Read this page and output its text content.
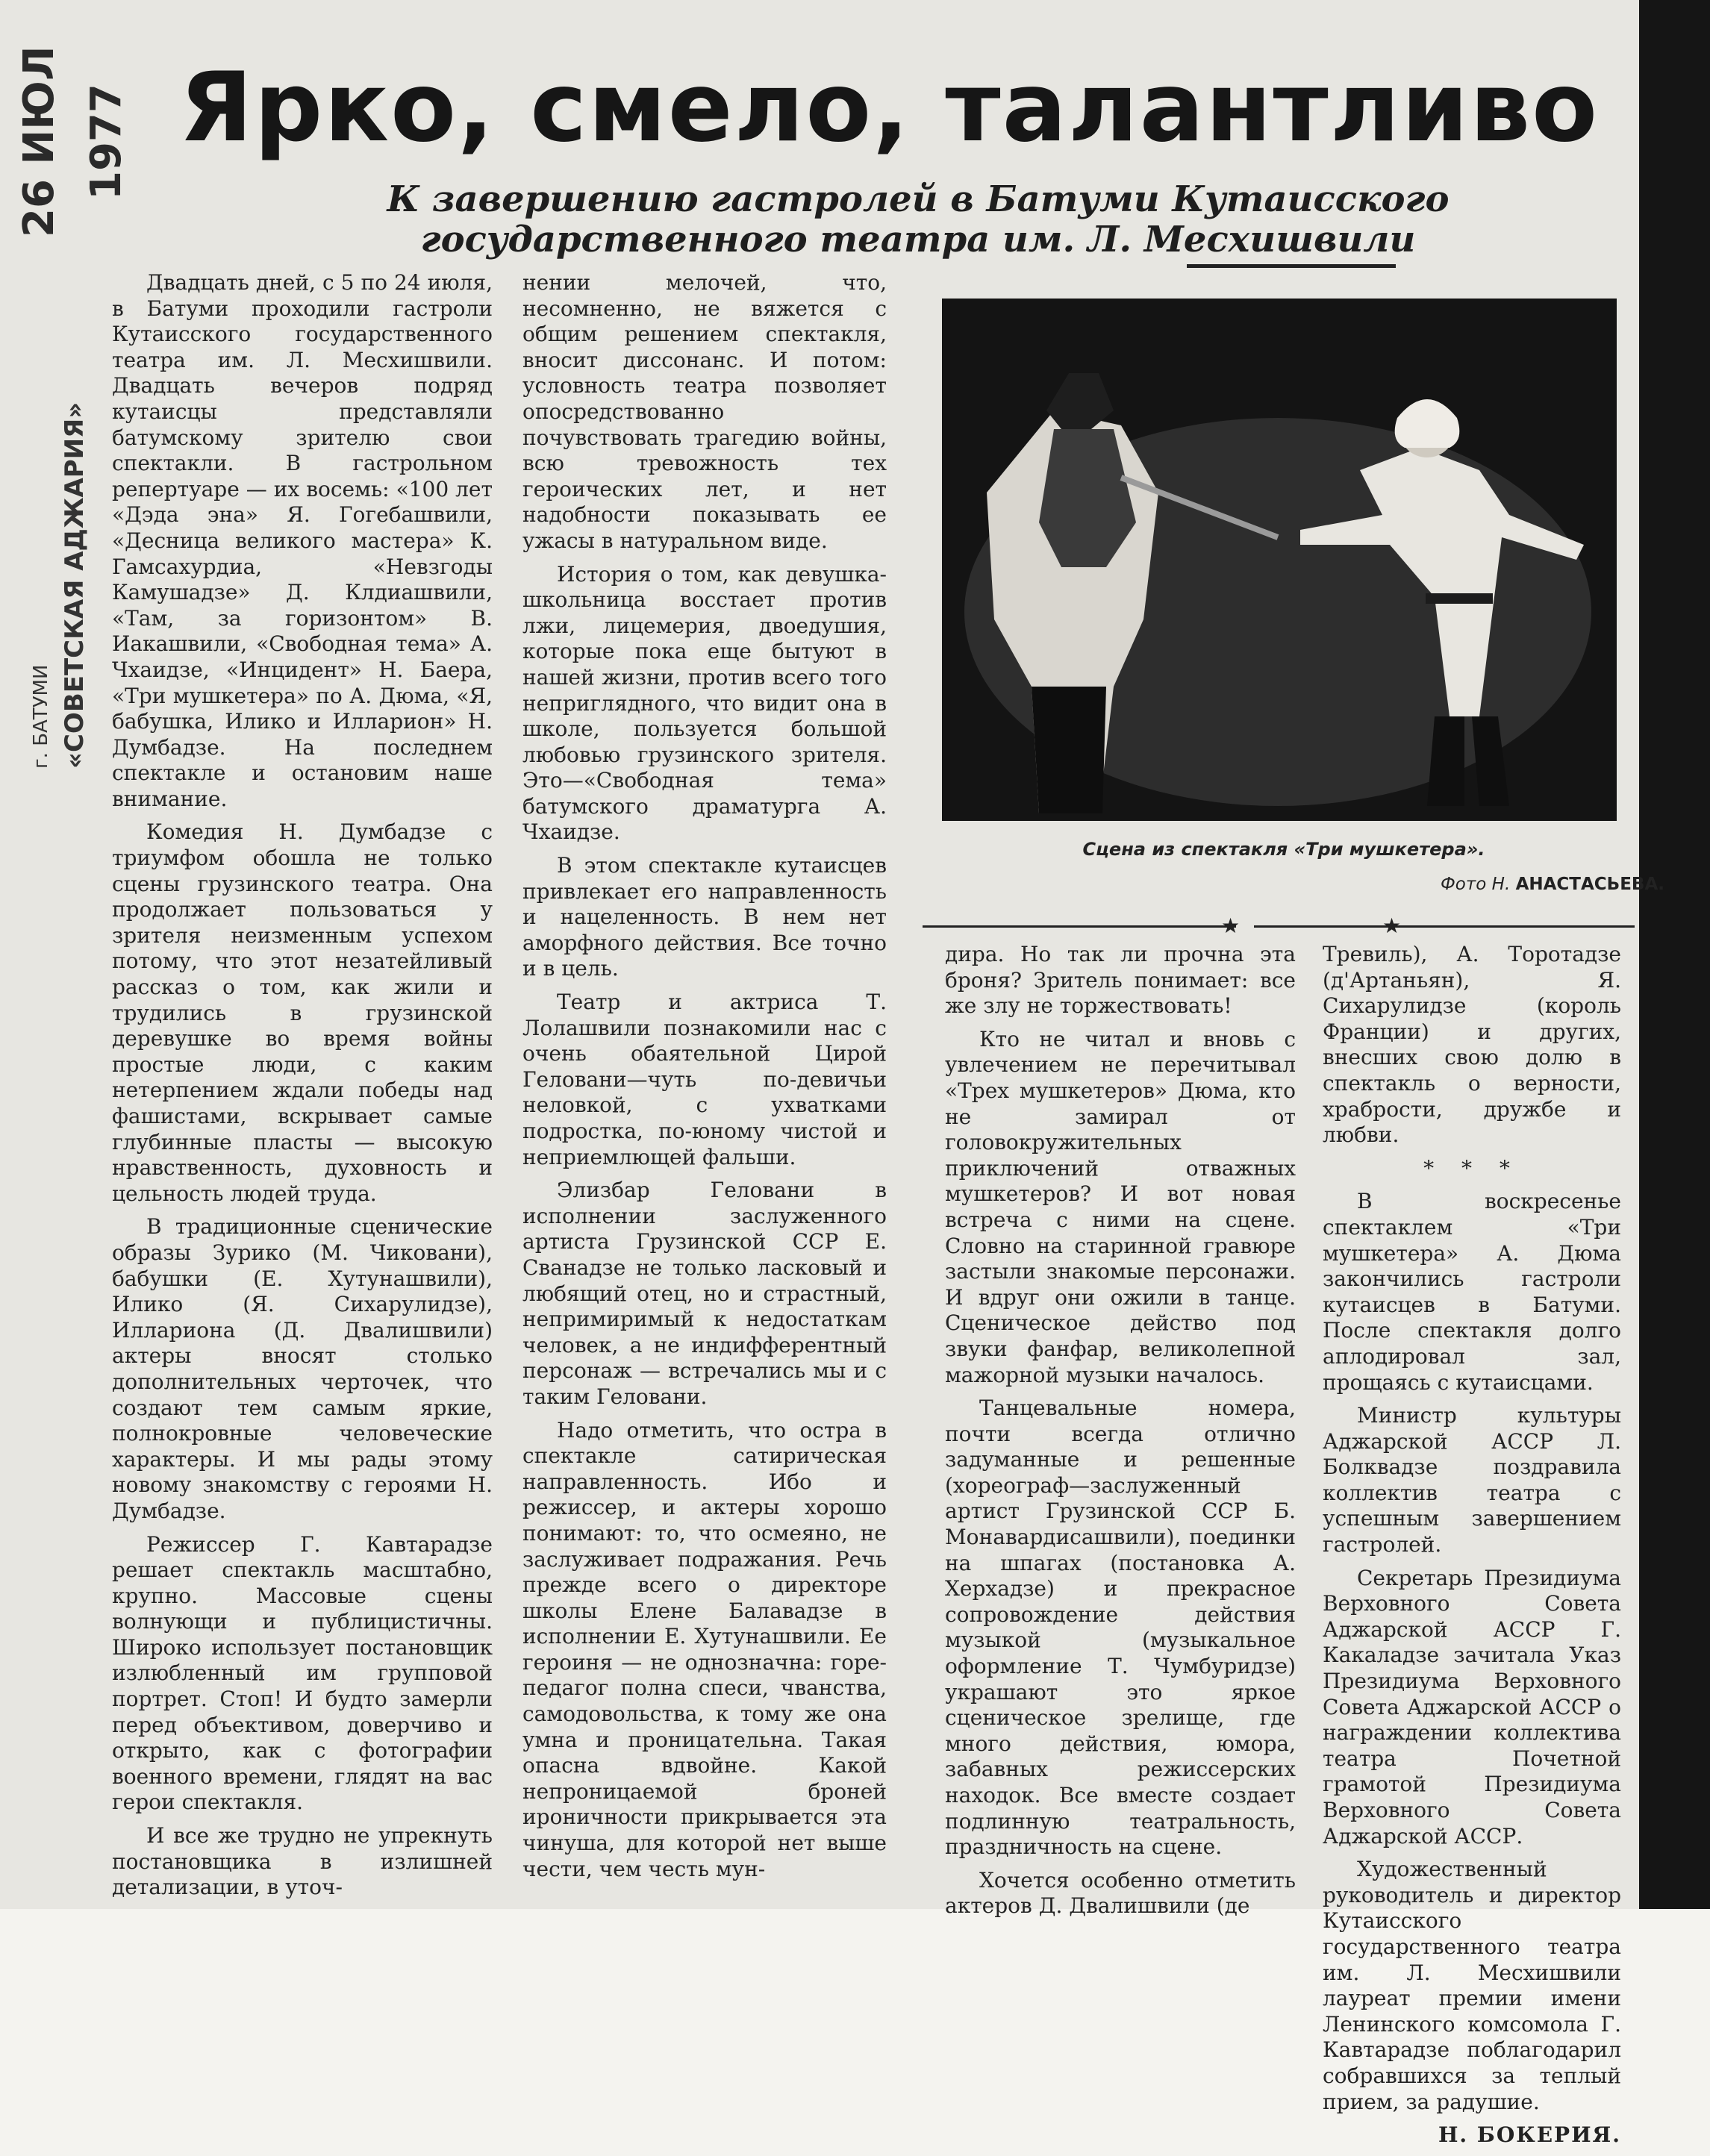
26 ИЮЛ 1977
«СОВЕТСКАЯ АДЖАРИЯ»
г. БАТУМИ
Ярко, смело, талантливо
К завершению гастролей в Батуми Кутаисского государственного театра им. Л. Месхишвили

Двадцать дней, с 5 по 24 июля, в Батуми проходили гастроли Кутаисского государственного театра им. Л. Месхишвили. Двадцать вечеров подряд кутаисцы представляли батумскому зрителю свои спектакли. В гастрольном репертуаре — их восемь: «100 лет «Дэда эна» Я. Гогебашвили, «Десница великого мастера» К. Гамсахурдиа, «Невзгоды Камушадзе» Д. Клдиашвили, «Там, за горизонтом» В. Иакашвили, «Свободная тема» А. Чхаидзе, «Инцидент» Н. Баера, «Три мушкетера» по А. Дюма, «Я, бабушка, Илико и Илларион» Н. Думбадзе. На последнем спектакле и остановим наше внимание.

Комедия Н. Думбадзе с триумфом обошла не только сцены грузинского театра. Она продолжает пользоваться у зрителя неизменным успехом потому, что этот незатейливый рассказ о том, как жили и трудились в грузинской деревушке во время войны простые люди, с каким нетерпением ждали победы над фашистами, вскрывает самые глубинные пласты — высокую нравственность, духовность и цельность людей труда.

В традиционные сценические образы Зурико (М. Чиковани), бабушки (Е. Хутунашвили), Илико (Я. Сихарулидзе), Иллариона (Д. Двалишвили) актеры вносят столько дополнительных черточек, что создают тем самым яркие, полнокровные человеческие характеры. И мы рады этому новому знакомству с героями Н. Думбадзе.

Режиссер Г. Кавтарадзе решает спектакль масштабно, крупно. Массовые сцены волнующи и публицистичны. Широко использует постановщик излюбленный им групповой портрет. Стоп! И будто замерли перед объективом, доверчиво и открыто, как с фотографии военного времени, глядят на вас герои спектакля.

И все же трудно не упрекнуть постановщика в излишней детализации, в уточ-

нении мелочей, что, несомненно, не вяжется с общим решением спектакля, вносит диссонанс. И потом: условность театра позволяет опосредствованно почувствовать трагедию войны, всю тревожность тех героических лет, и нет надобности показывать ее ужасы в натуральном виде.

История о том, как девушка-школьница восстает против лжи, лицемерия, двоедушия, которые пока еще бытуют в нашей жизни, против всего того неприглядного, что видит она в школе, пользуется большой любовью грузинского зрителя. Это—«Свободная тема» батумского драматурга А. Чхаидзе.

В этом спектакле кутаисцев привлекает его направленность и нацеленность. В нем нет аморфного действия. Все точно и в цель.

Театр и актриса Т. Лолашвили познакомили нас с очень обаятельной Цирой Геловани—чуть по-девичьи неловкой, с ухватками подростка, по-юному чистой и неприемлющей фальши.

Элизбар Геловани в исполнении заслуженного артиста Грузинской ССР Е. Сванадзе не только ласковый и любящий отец, но и страстный, непримиримый к недостаткам человек, а не индифферентный персонаж — встречались мы и с таким Геловани.

Надо отметить, что остра в спектакле сатирическая направленность. Ибо и режиссер, и актеры хорошо понимают: то, что осмеяно, не заслуживает подражания. Речь прежде всего о директоре школы Елене Балавадзе в исполнении Е. Хутунашвили. Ее героиня — не однозначна: горе-педагог полна спеси, чванства, самодовольства, к тому же она умна и проницательна. Такая опасна вдвойне. Какой непроницаемой броней ироничности прикрывается эта чинуша, для которой нет выше чести, чем честь мун-

Сцена из спектакля «Три мушкетера».
Фото Н. АНАСТАСЬЕВА.
★	★

дира. Но так ли прочна эта броня? Зритель понимает: все же злу не торжествовать!

Кто не читал и вновь с увлечением не перечитывал «Трех мушкетеров» Дюма, кто не замирал от головокружительных приключений отважных мушкетеров? И вот новая встреча с ними на сцене. Словно на старинной гравюре застыли знакомые персонажи. И вдруг они ожили в танце. Сценическое действо под звуки фанфар, великолепной мажорной музыки началось.

Танцевальные номера, почти всегда отлично задуманные и решенные (хореограф—заслуженный артист Грузинской ССР Б. Монавардисашвили), поединки на шпагах (постановка А. Херхадзе) и прекрасное сопровождение действия музыкой (музыкальное оформление Т. Чумбуридзе) украшают это яркое сценическое зрелище, где много действия, юмора, забавных режиссерских находок. Все вместе создает подлинную театральность, праздничность на сцене.

Хочется особенно отметить актеров Д. Двалишвили (де

Тревиль), А. Торотадзе (д'Артаньян), Я. Сихарулидзе (король Франции) и других, внесших свою долю в спектакль о верности, храбрости, дружбе и любви.

* * *

В воскресенье спектаклем «Три мушкетера» А. Дюма закончились гастроли кутаисцев в Батуми. После спектакля долго аплодировал зал, прощаясь с кутаисцами.

Министр культуры Аджарской АССР Л. Болквадзе поздравила коллектив театра с успешным завершением гастролей.

Секретарь Президиума Верховного Совета Аджарской АССР Г. Какаладзе зачитала Указ Президиума Верховного Совета Аджарской АССР о награждении коллектива театра Почетной грамотой Президиума Верховного Совета Аджарской АССР.

Художественный руководитель и директор Кутаисского государственного театра им. Л. Месхишвили лауреат премии имени Ленинского комсомола Г. Кавтарадзе поблагодарил собравшихся за теплый прием, за радушие.

Н. БОКЕРИЯ.
